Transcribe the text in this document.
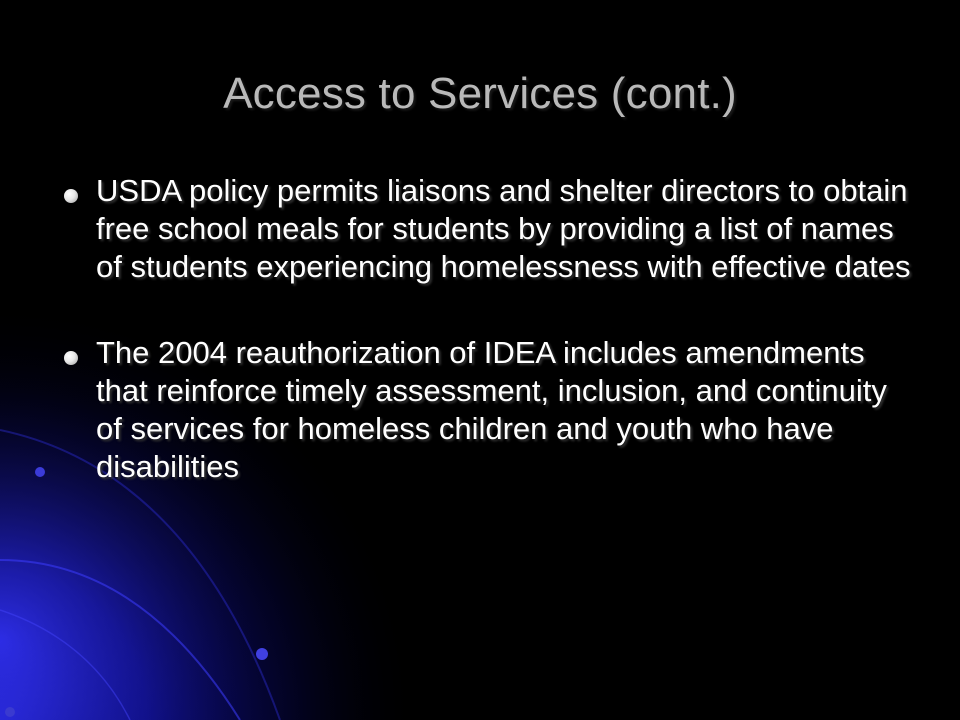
Access to Services (cont.)
USDA policy permits liaisons and shelter directors to obtain free school meals for students by providing a list of names of students experiencing homelessness with effective dates
The 2004 reauthorization of IDEA includes amendments that reinforce timely assessment, inclusion, and continuity of services for homeless children and youth who have disabilities
